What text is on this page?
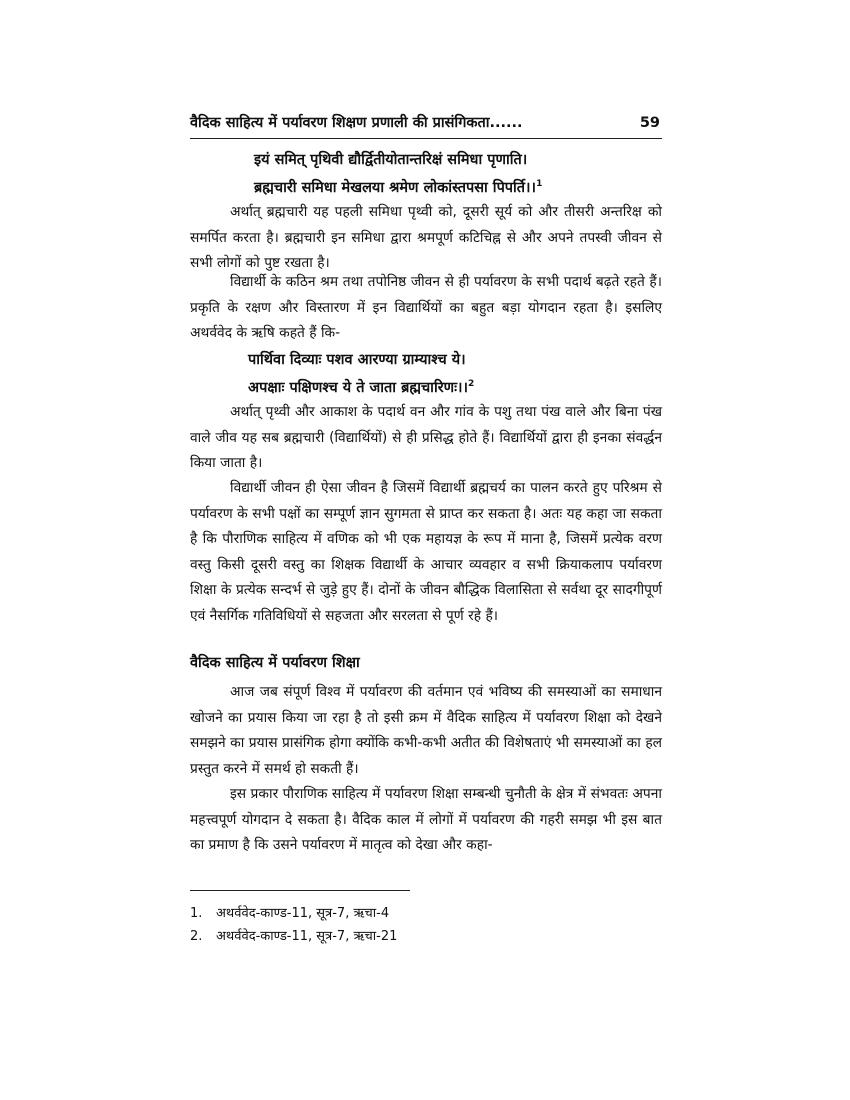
वैदिक साहित्य में पर्यावरण शिक्षण प्रणाली की प्रासंगिकता......	59
इयं समित् पृथिवी द्यौर्द्वितीयोतान्तरिक्षं समिधा पृणाति।
ब्रह्मचारी समिधा मेखलया श्रमेण लोकांस्तपसा पिपर्ति।।$^1$

अर्थात् ब्रह्मचारी यह पहली समिधा पृथ्वी को, दूसरी सूर्य को और तीसरी अन्तरिक्ष को समर्पित करता है। ब्रह्मचारी इन समिधा द्वारा श्रमपूर्ण कटिचिह्न से और अपने तपस्वी जीवन से सभी लोगों को पुष्ट रखता है।

विद्यार्थी के कठिन श्रम तथा तपोनिष्ठ जीवन से ही पर्यावरण के सभी पदार्थ बढ़ते रहते हैं। प्रकृति के रक्षण और विस्तारण में इन विद्यार्थियों का बहुत बड़ा योगदान रहता है। इसलिए अथर्ववेद के ऋषि कहते हैं कि-

पार्थिवा दिव्याः पशव आरण्या ग्राम्याश्च ये।
अपक्षाः पक्षिणश्च ये ते जाता ब्रह्मचारिणः।।$^2$

अर्थात् पृथ्वी और आकाश के पदार्थ वन और गांव के पशु तथा पंख वाले और बिना पंख वाले जीव यह सब ब्रह्मचारी (विद्यार्थियों) से ही प्रसिद्ध होते हैं। विद्यार्थियों द्वारा ही इनका संवर्द्धन किया जाता है।

विद्यार्थी जीवन ही ऐसा जीवन है जिसमें विद्यार्थी ब्रह्मचर्य का पालन करते हुए परिश्रम से पर्यावरण के सभी पक्षों का सम्पूर्ण ज्ञान सुगमता से प्राप्त कर सकता है। अतः यह कहा जा सकता है कि पौराणिक साहित्य में वणिक को भी एक महायज्ञ के रूप में माना है, जिसमें प्रत्येक वरण वस्तु किसी दूसरी वस्तु का शिक्षक विद्यार्थी के आचार व्यवहार व सभी क्रियाकलाप पर्यावरण शिक्षा के प्रत्येक सन्दर्भ से जुड़े हुए हैं। दोनों के जीवन बौद्धिक विलासिता से सर्वथा दूर सादगीपूर्ण एवं नैसर्गिक गतिविधियों से सहजता और सरलता से पूर्ण रहे हैं।

वैदिक साहित्य में पर्यावरण शिक्षा

आज जब संपूर्ण विश्व में पर्यावरण की वर्तमान एवं भविष्य की समस्याओं का समाधान खोजने का प्रयास किया जा रहा है तो इसी क्रम में वैदिक साहित्य में पर्यावरण शिक्षा को देखने समझने का प्रयास प्रासंगिक होगा क्योंकि कभी-कभी अतीत की विशेषताएं भी समस्याओं का हल प्रस्तुत करने में समर्थ हो सकती हैं।

इस प्रकार पौराणिक साहित्य में पर्यावरण शिक्षा सम्बन्धी चुनौती के क्षेत्र में संभवतः अपना महत्त्वपूर्ण योगदान दे सकता है। वैदिक काल में लोगों में पर्यावरण की गहरी समझ भी इस बात का प्रमाण है कि उसने पर्यावरण में मातृत्व को देखा और कहा-

1. अथर्ववेद-काण्ड-11, सूत्र-7, ऋचा-4
2. अथर्ववेद-काण्ड-11, सूत्र-7, ऋचा-21
